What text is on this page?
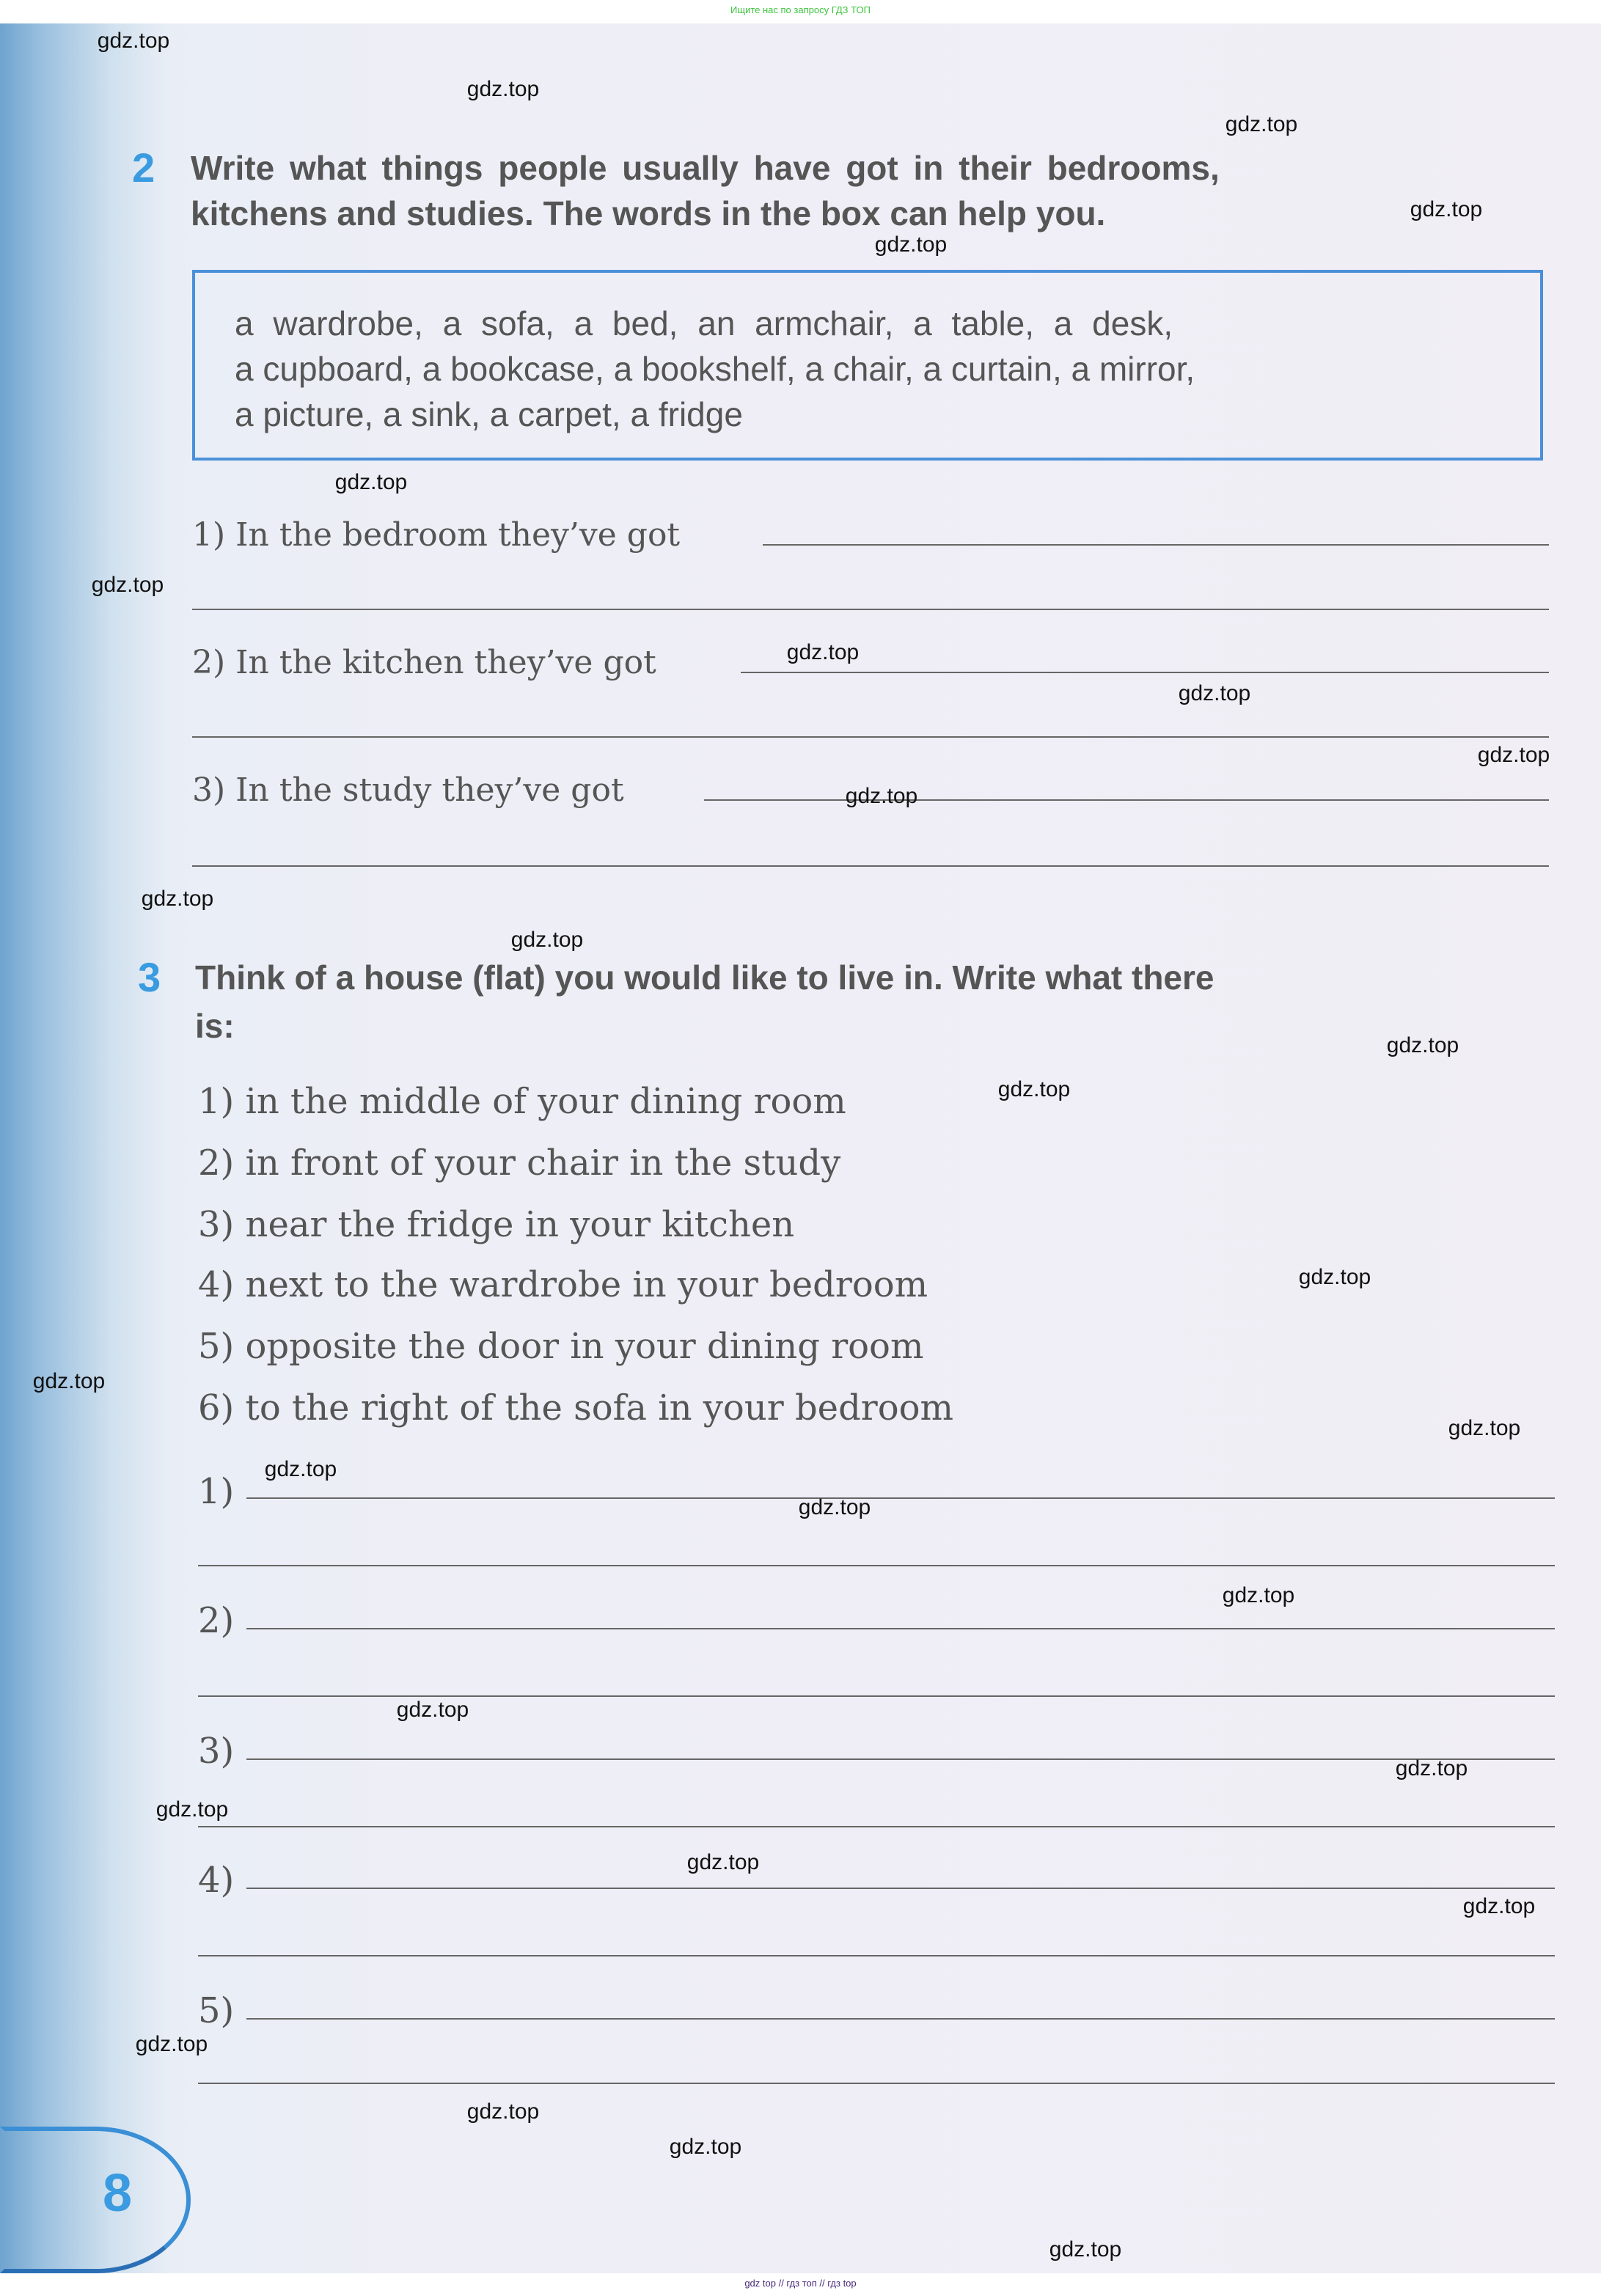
Ищите нас по запросу ГДЗ ТОП
8
2 Write what things people usually have got in their bedrooms,
kitchens and studies. The words in the box can help you.
a wardrobe, a sofa, a bed, an armchair, a table, a desk,
a cupboard, a bookcase, a bookshelf, a chair, a curtain, a mirror,
a picture, a sink, a carpet, a fridge
1) In the bedroom they’ve got
2) In the kitchen they’ve got
3) In the study they’ve got
3 Think of a house (flat) you would like to live in. Write what there
is:
1) in the middle of your dining room
2) in front of your chair in the study
3) near the fridge in your kitchen
4) next to the wardrobe in your bedroom
5) opposite the door in your dining room
6) to the right of the sofa in your bedroom
1)
2)
3)
4)
5)
gdz.top
gdz.top
gdz.top
gdz.top
gdz.top
gdz.top
gdz.top
gdz.top
gdz.top
gdz.top
gdz.top
gdz.top
gdz.top
gdz.top
gdz.top
gdz.top
gdz.top
gdz.top
gdz.top
gdz.top
gdz.top
gdz.top
gdz.top
gdz.top
gdz.top
gdz.top
gdz.top
gdz.top
gdz.top
gdz.top
gdz top // гдз топ // гдз top
